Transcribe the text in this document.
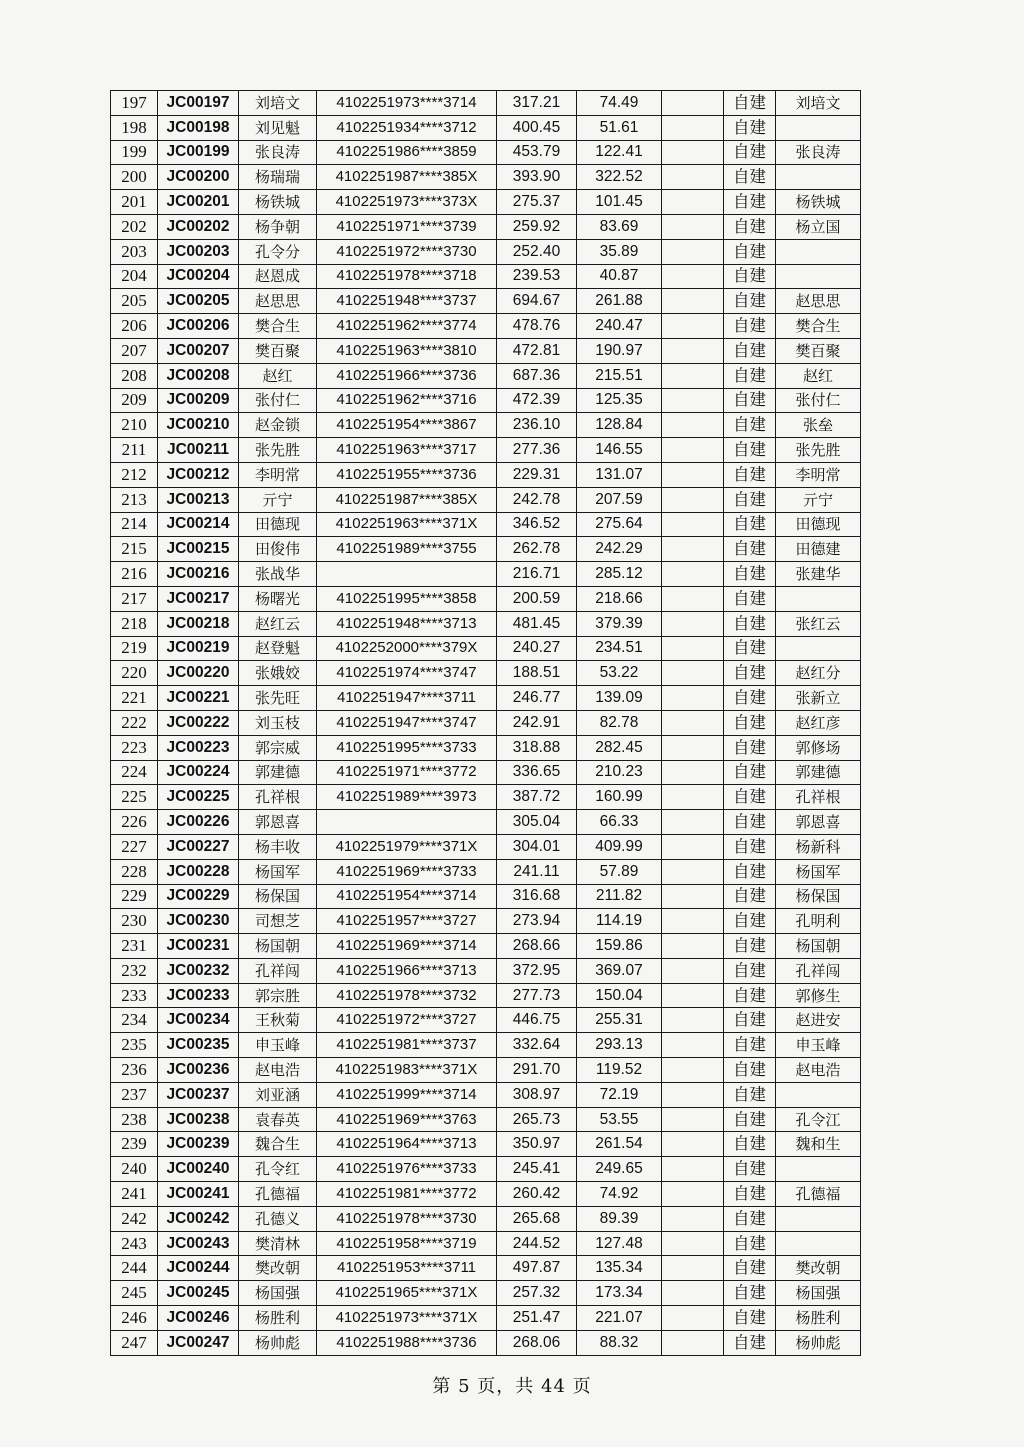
197	JC00197	刘培文	4102251973****3714	317.21	74.49		自建	刘培文
198	JC00198	刘见魁	4102251934****3712	400.45	51.61		自建	
199	JC00199	张良涛	4102251986****3859	453.79	122.41		自建	张良涛
200	JC00200	杨瑞瑞	4102251987****385X	393.90	322.52		自建	
201	JC00201	杨铁城	4102251973****373X	275.37	101.45		自建	杨铁城
202	JC00202	杨争朝	4102251971****3739	259.92	83.69		自建	杨立国
203	JC00203	孔令分	4102251972****3730	252.40	35.89		自建	
204	JC00204	赵恩成	4102251978****3718	239.53	40.87		自建	
205	JC00205	赵思思	4102251948****3737	694.67	261.88		自建	赵思思
206	JC00206	樊合生	4102251962****3774	478.76	240.47		自建	樊合生
207	JC00207	樊百聚	4102251963****3810	472.81	190.97		自建	樊百聚
208	JC00208	赵红	4102251966****3736	687.36	215.51		自建	赵红
209	JC00209	张付仁	4102251962****3716	472.39	125.35		自建	张付仁
210	JC00210	赵金锁	4102251954****3867	236.10	128.84		自建	张垒
211	JC00211	张先胜	4102251963****3717	277.36	146.55		自建	张先胜
212	JC00212	李明常	4102251955****3736	229.31	131.07		自建	李明常
213	JC00213	亓宁	4102251987****385X	242.78	207.59		自建	亓宁
214	JC00214	田德现	4102251963****371X	346.52	275.64		自建	田德现
215	JC00215	田俊伟	4102251989****3755	262.78	242.29		自建	田德建
216	JC00216	张战华		216.71	285.12		自建	张建华
217	JC00217	杨曙光	4102251995****3858	200.59	218.66		自建	
218	JC00218	赵红云	4102251948****3713	481.45	379.39		自建	张红云
219	JC00219	赵登魁	4102252000****379X	240.27	234.51		自建	
220	JC00220	张娥姣	4102251974****3747	188.51	53.22		自建	赵红分
221	JC00221	张先旺	4102251947****3711	246.77	139.09		自建	张新立
222	JC00222	刘玉枝	4102251947****3747	242.91	82.78		自建	赵红彦
223	JC00223	郭宗威	4102251995****3733	318.88	282.45		自建	郭修场
224	JC00224	郭建德	4102251971****3772	336.65	210.23		自建	郭建德
225	JC00225	孔祥根	4102251989****3973	387.72	160.99		自建	孔祥根
226	JC00226	郭恩喜		305.04	66.33		自建	郭恩喜
227	JC00227	杨丰收	4102251979****371X	304.01	409.99		自建	杨新科
228	JC00228	杨国军	4102251969****3733	241.11	57.89		自建	杨国军
229	JC00229	杨保国	4102251954****3714	316.68	211.82		自建	杨保国
230	JC00230	司想芝	4102251957****3727	273.94	114.19		自建	孔明利
231	JC00231	杨国朝	4102251969****3714	268.66	159.86		自建	杨国朝
232	JC00232	孔祥闯	4102251966****3713	372.95	369.07		自建	孔祥闯
233	JC00233	郭宗胜	4102251978****3732	277.73	150.04		自建	郭修生
234	JC00234	王秋菊	4102251972****3727	446.75	255.31		自建	赵进安
235	JC00235	申玉峰	4102251981****3737	332.64	293.13		自建	申玉峰
236	JC00236	赵电浩	4102251983****371X	291.70	119.52		自建	赵电浩
237	JC00237	刘亚涵	4102251999****3714	308.97	72.19		自建	
238	JC00238	袁春英	4102251969****3763	265.73	53.55		自建	孔令江
239	JC00239	魏合生	4102251964****3713	350.97	261.54		自建	魏和生
240	JC00240	孔令红	4102251976****3733	245.41	249.65		自建	
241	JC00241	孔德福	4102251981****3772	260.42	74.92		自建	孔德福
242	JC00242	孔德义	4102251978****3730	265.68	89.39		自建	
243	JC00243	樊清林	4102251958****3719	244.52	127.48		自建	
244	JC00244	樊改朝	4102251953****3711	497.87	135.34		自建	樊改朝
245	JC00245	杨国强	4102251965****371X	257.32	173.34		自建	杨国强
246	JC00246	杨胜利	4102251973****371X	251.47	221.07		自建	杨胜利
247	JC00247	杨帅彪	4102251988****3736	268.06	88.32		自建	杨帅彪
第 5 页，共 44 页
